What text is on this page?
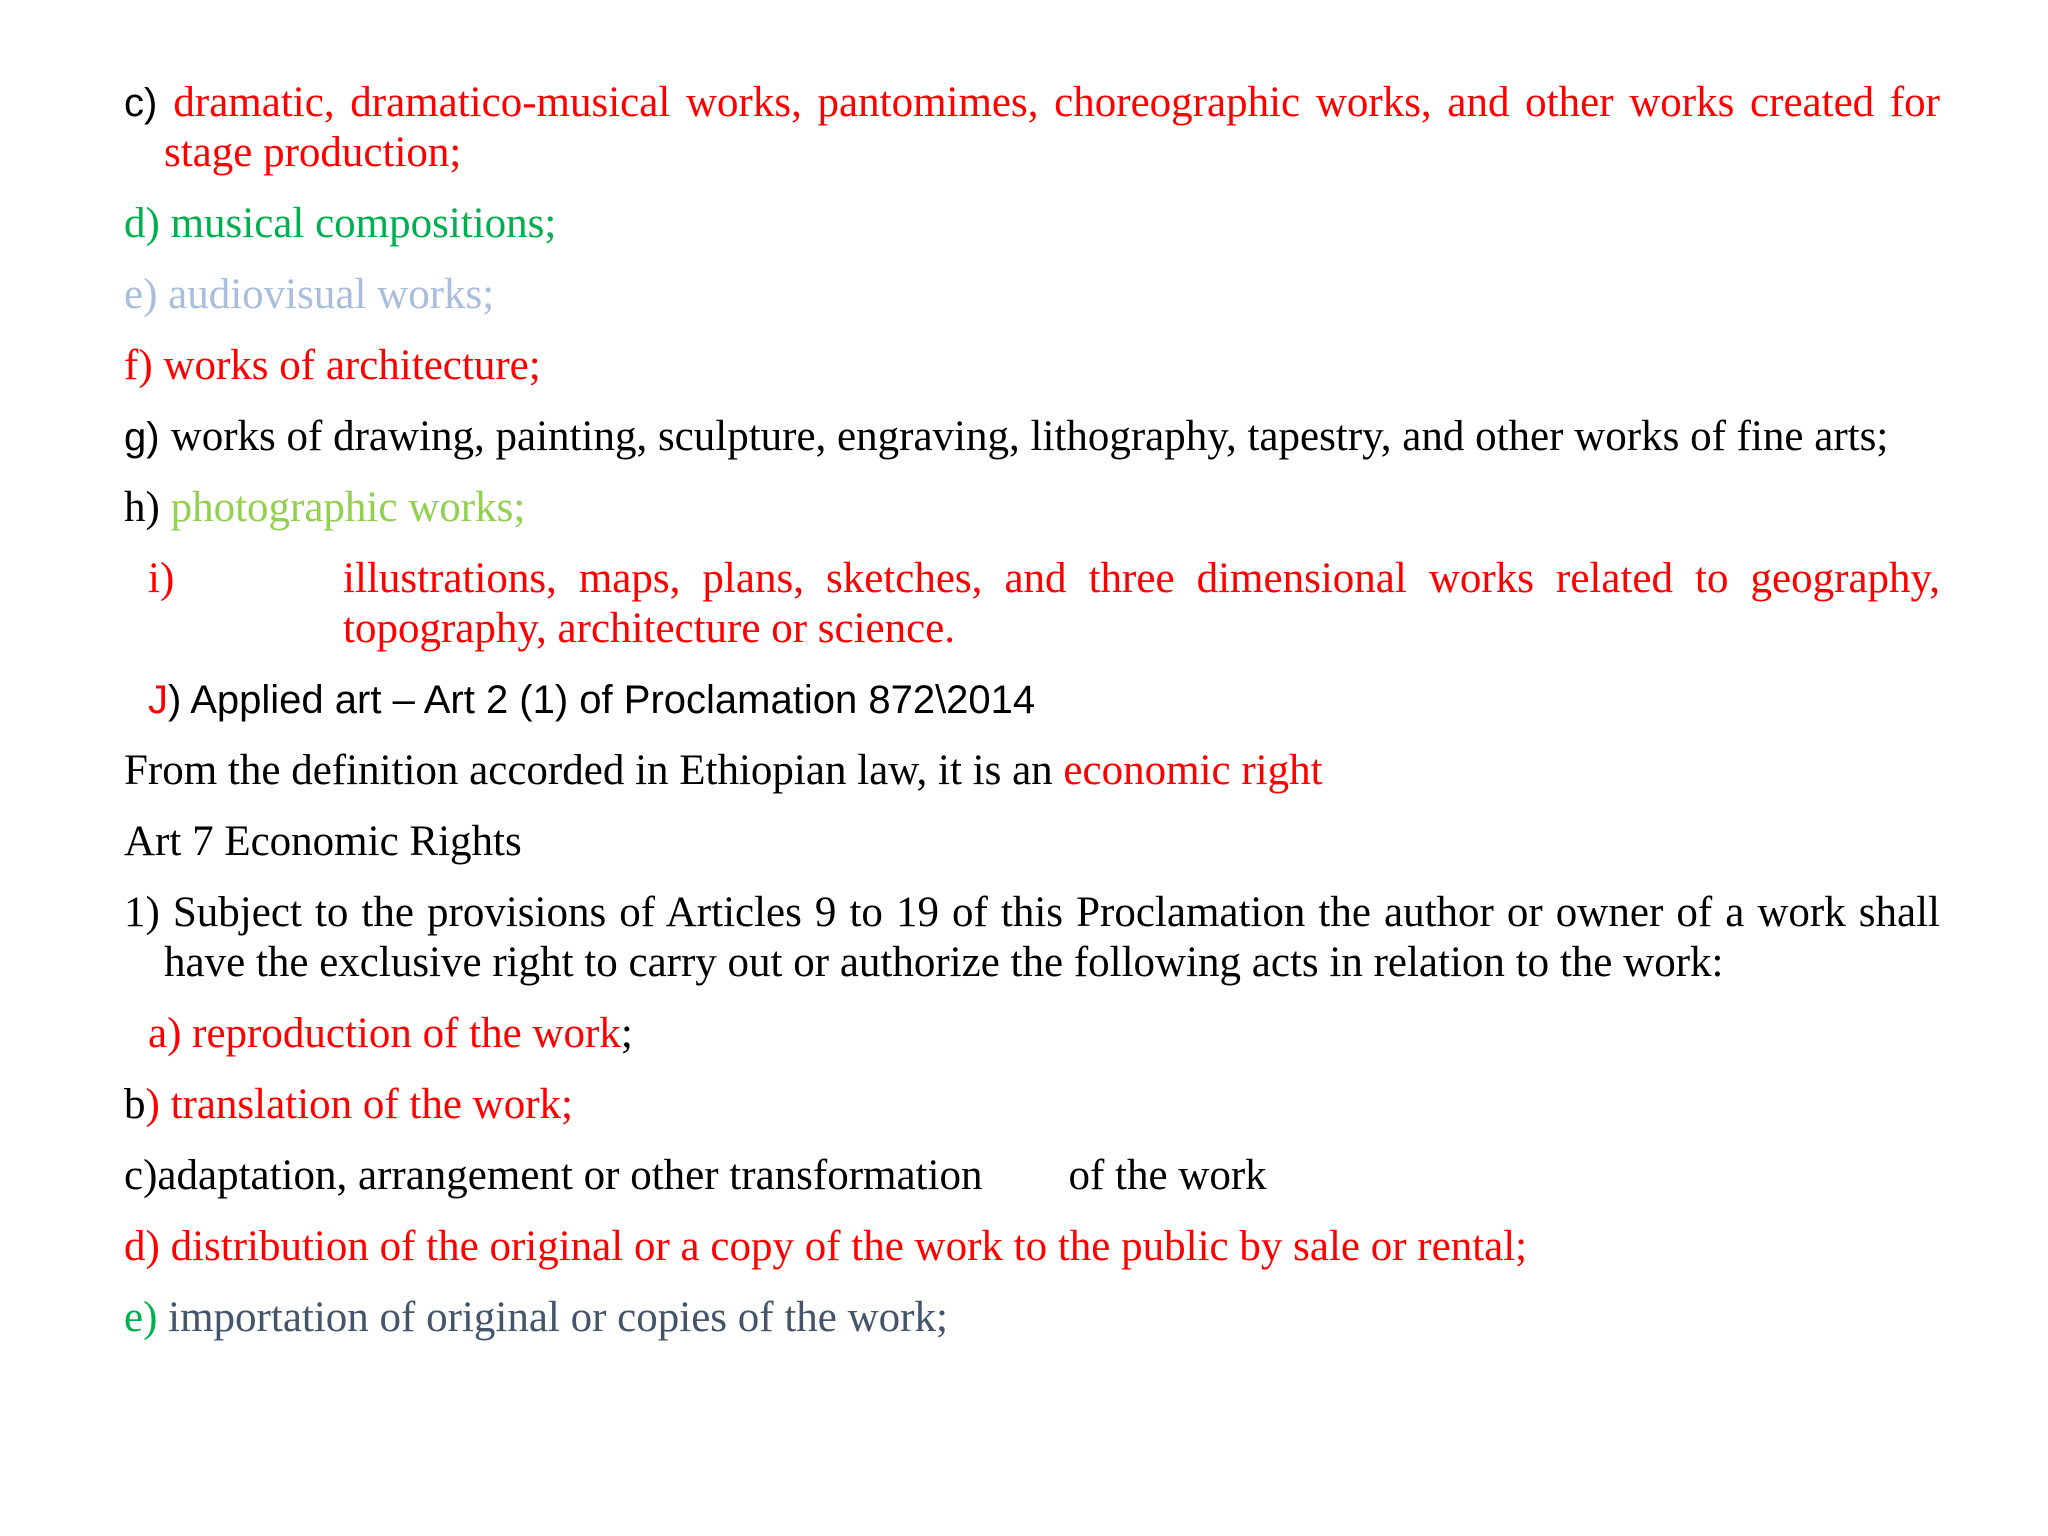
c) dramatic, dramatico-musical works, pantomimes, choreographic works, and other works created for stage production;

d) musical compositions;

e) audiovisual works;

f) works of architecture;

g) works of drawing, painting, sculpture, engraving, lithography, tapestry, and other works of fine arts;

h) photographic works;

i)	illustrations, maps, plans, sketches, and three dimensional works related to geography, topography, architecture or science.

J) Applied art – Art 2 (1) of Proclamation 872\2014

From the definition accorded in Ethiopian law, it is an economic right

Art 7 Economic Rights

1) Subject to the provisions of Articles 9 to 19 of this Proclamation the author or owner of a work shall have the exclusive right to carry out or authorize the following acts in relation to the work:

a) reproduction of the work;

b) translation of the work;

c)adaptation, arrangement or other transformation of the work

d) distribution of the original or a copy of the work to the public by sale or rental;

e) importation of original or copies of the work;
